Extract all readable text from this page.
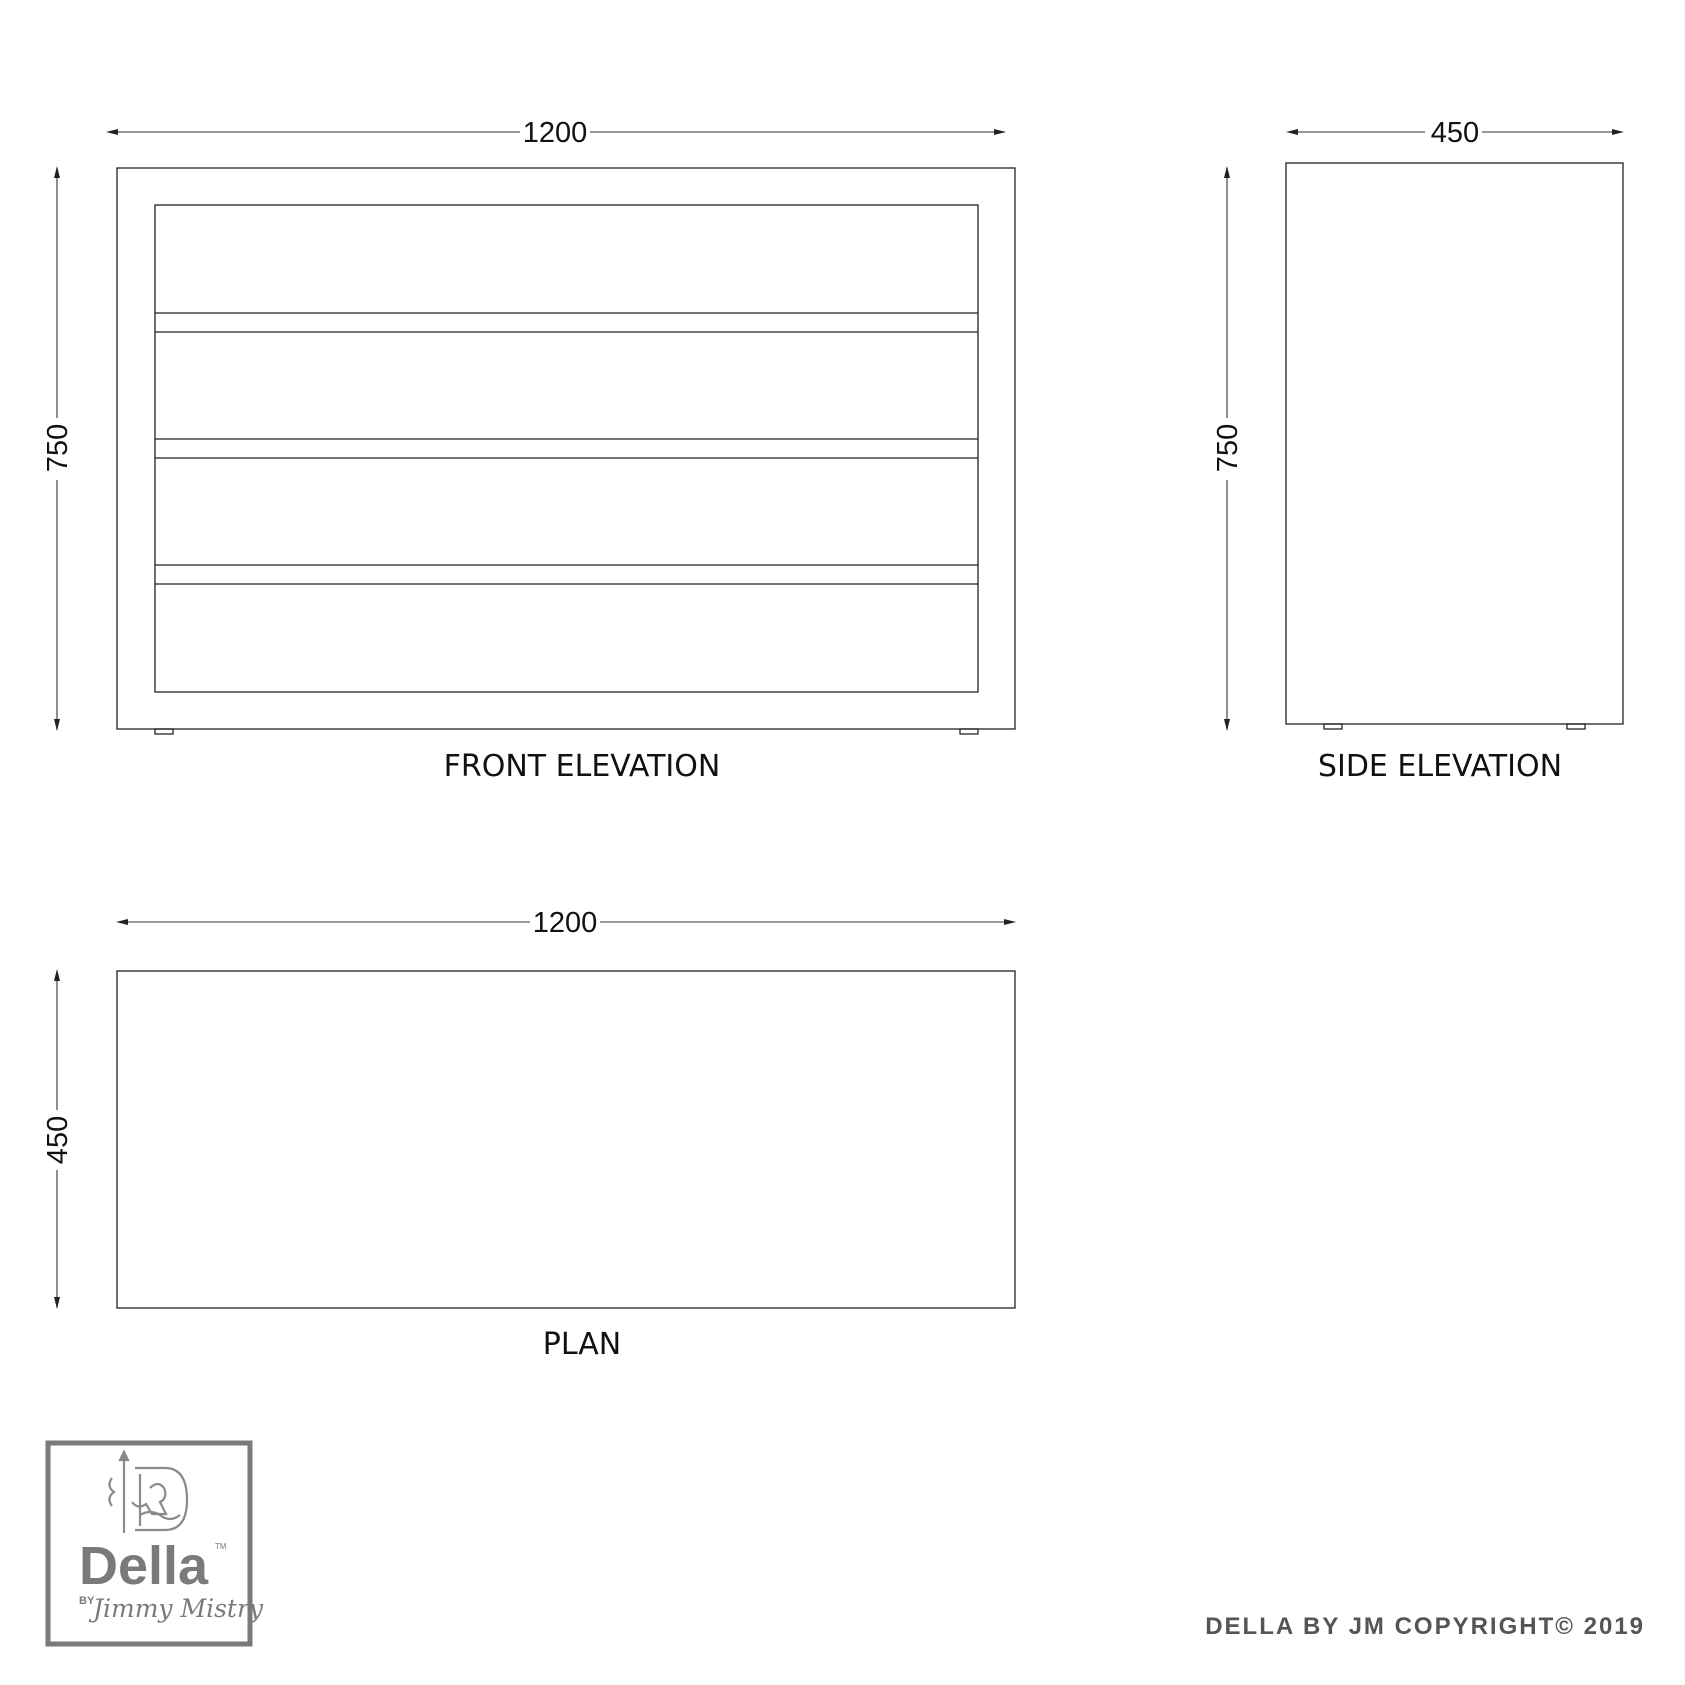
1200
750
FRONT ELEVATION
450
750
SIDE ELEVATION
1200
450
PLAN
Della TM
BY
Jimmy Mistry
DELLA BY JM COPYRIGHT© 2019
